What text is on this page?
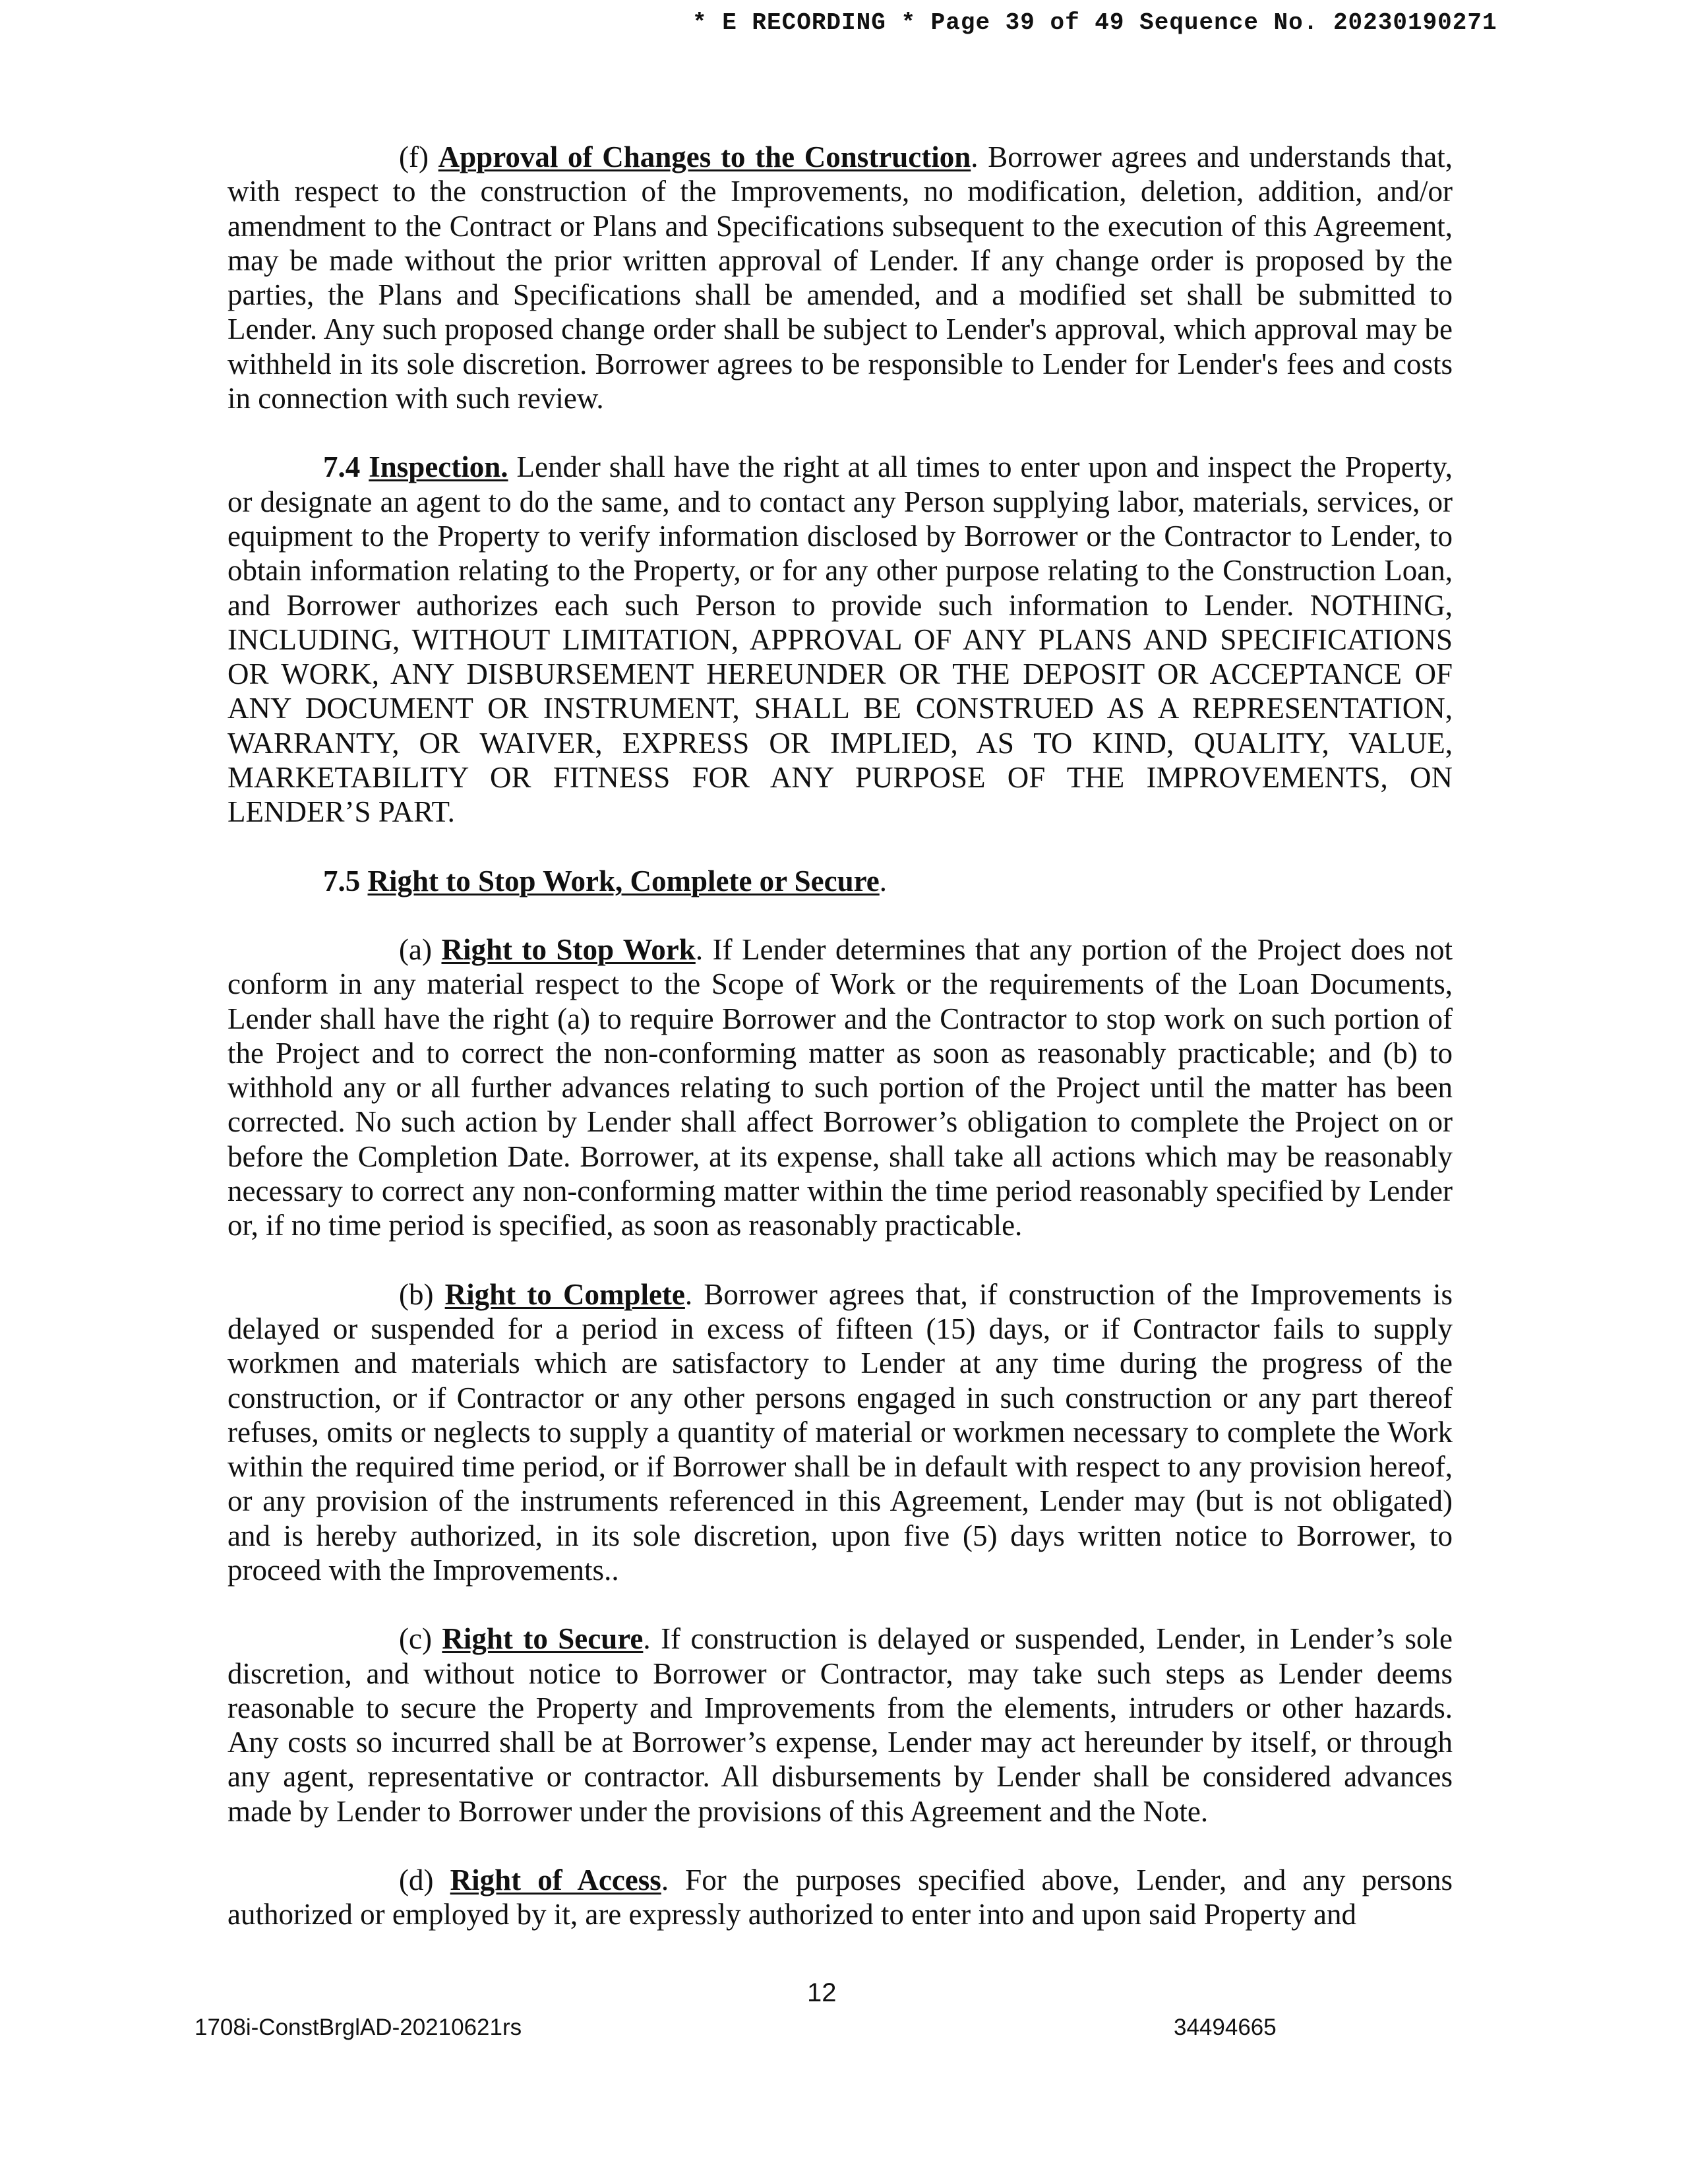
* E RECORDING * Page 39 of 49 Sequence No. 20230190271

(f) Approval of Changes to the Construction. Borrower agrees and understands that, with respect to the construction of the Improvements, no modification, deletion, addition, and/or amendment to the Contract or Plans and Specifications subsequent to the execution of this Agreement, may be made without the prior written approval of Lender. If any change order is proposed by the parties, the Plans and Specifications shall be amended, and a modified set shall be submitted to Lender. Any such proposed change order shall be subject to Lender's approval, which approval may be withheld in its sole discretion. Borrower agrees to be responsible to Lender for Lender's fees and costs in connection with such review.

7.4 Inspection. Lender shall have the right at all times to enter upon and inspect the Property, or designate an agent to do the same, and to contact any Person supplying labor, materials, services, or equipment to the Property to verify information disclosed by Borrower or the Contractor to Lender, to obtain information relating to the Property, or for any other purpose relating to the Construction Loan, and Borrower authorizes each such Person to provide such information to Lender. NOTHING, INCLUDING, WITHOUT LIMITATION, APPROVAL OF ANY PLANS AND SPECIFICATIONS OR WORK, ANY DISBURSEMENT HEREUNDER OR THE DEPOSIT OR ACCEPTANCE OF ANY DOCUMENT OR INSTRUMENT, SHALL BE CONSTRUED AS A REPRESENTATION, WARRANTY, OR WAIVER, EXPRESS OR IMPLIED, AS TO KIND, QUALITY, VALUE, MARKETABILITY OR FITNESS FOR ANY PURPOSE OF THE IMPROVEMENTS, ON LENDER’S PART.

7.5 Right to Stop Work, Complete or Secure.

(a) Right to Stop Work. If Lender determines that any portion of the Project does not conform in any material respect to the Scope of Work or the requirements of the Loan Documents, Lender shall have the right (a) to require Borrower and the Contractor to stop work on such portion of the Project and to correct the non-conforming matter as soon as reasonably practicable; and (b) to withhold any or all further advances relating to such portion of the Project until the matter has been corrected. No such action by Lender shall affect Borrower’s obligation to complete the Project on or before the Completion Date. Borrower, at its expense, shall take all actions which may be reasonably necessary to correct any non-conforming matter within the time period reasonably specified by Lender or, if no time period is specified, as soon as reasonably practicable.

(b) Right to Complete. Borrower agrees that, if construction of the Improvements is delayed or suspended for a period in excess of fifteen (15) days, or if Contractor fails to supply workmen and materials which are satisfactory to Lender at any time during the progress of the construction, or if Contractor or any other persons engaged in such construction or any part thereof refuses, omits or neglects to supply a quantity of material or workmen necessary to complete the Work within the required time period, or if Borrower shall be in default with respect to any provision hereof, or any provision of the instruments referenced in this Agreement, Lender may (but is not obligated) and is hereby authorized, in its sole discretion, upon five (5) days written notice to Borrower, to proceed with the Improvements..

(c) Right to Secure. If construction is delayed or suspended, Lender, in Lender’s sole discretion, and without notice to Borrower or Contractor, may take such steps as Lender deems reasonable to secure the Property and Improvements from the elements, intruders or other hazards. Any costs so incurred shall be at Borrower’s expense, Lender may act hereunder by itself, or through any agent, representative or contractor. All disbursements by Lender shall be considered advances made by Lender to Borrower under the provisions of this Agreement and the Note.

(d) Right of Access. For the purposes specified above, Lender, and any persons authorized or employed by it, are expressly authorized to enter into and upon said Property and

12
1708i-ConstBrglAD-20210621rs	34494665
